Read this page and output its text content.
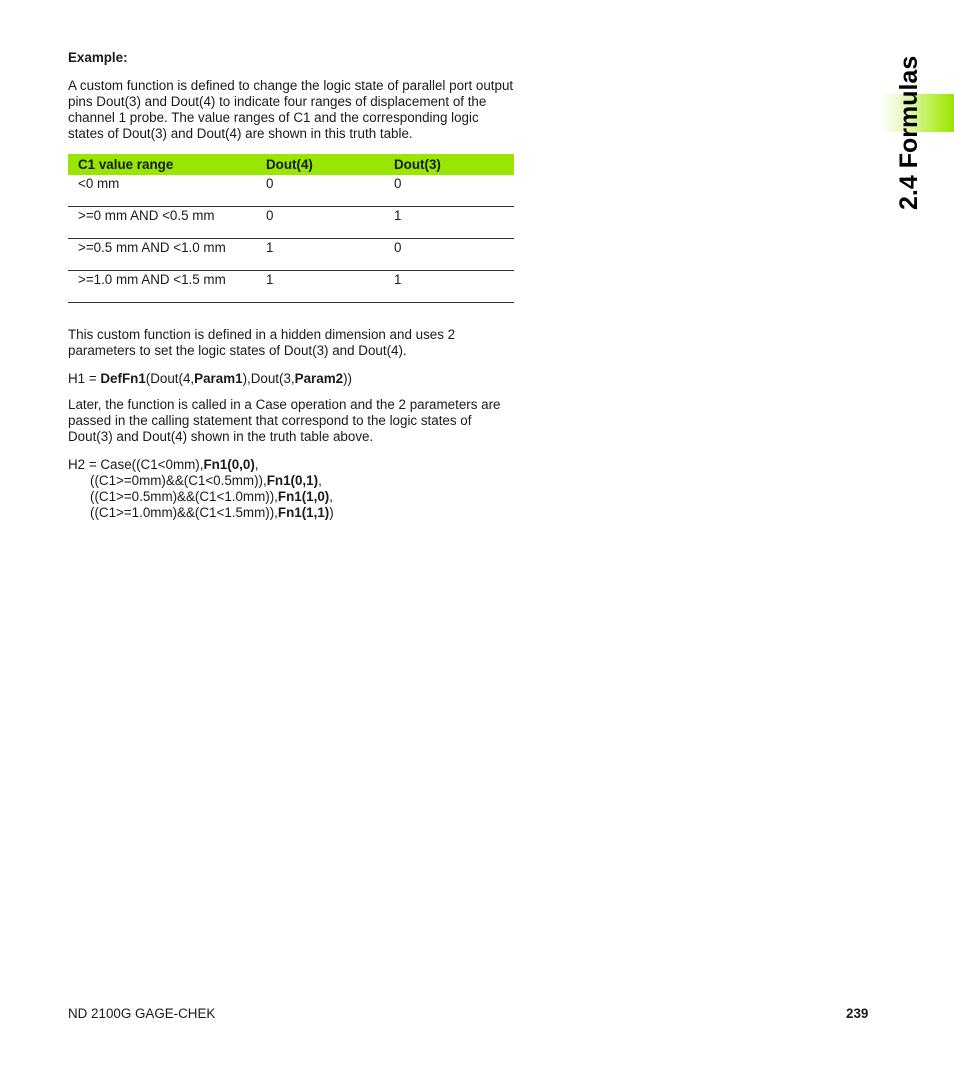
2.4 Formulas

Example:

A custom function is defined to change the logic state of parallel port output pins Dout(3) and Dout(4) to indicate four ranges of displacement of the channel 1 probe. The value ranges of C1 and the corresponding logic states of Dout(3) and Dout(4) are shown in this truth table.

C1 value range	Dout(4)	Dout(3)
<0 mm	0	0
>=0 mm AND <0.5 mm	0	1
>=0.5 mm AND <1.0 mm	1	0
>=1.0 mm AND <1.5 mm	1	1

This custom function is defined in a hidden dimension and uses 2 parameters to set the logic states of Dout(3) and Dout(4).

H1 = DefFn1(Dout(4,Param1),Dout(3,Param2))

Later, the function is called in a Case operation and the 2 parameters are passed in the calling statement that correspond to the logic states of Dout(3) and Dout(4) shown in the truth table above.

H2 = Case((C1<0mm),Fn1(0,0),
((C1>=0mm)&&(C1<0.5mm)),Fn1(0,1),
((C1>=0.5mm)&&(C1<1.0mm)),Fn1(1,0),
((C1>=1.0mm)&&(C1<1.5mm)),Fn1(1,1))
ND 2100G GAGE-CHEK	239
